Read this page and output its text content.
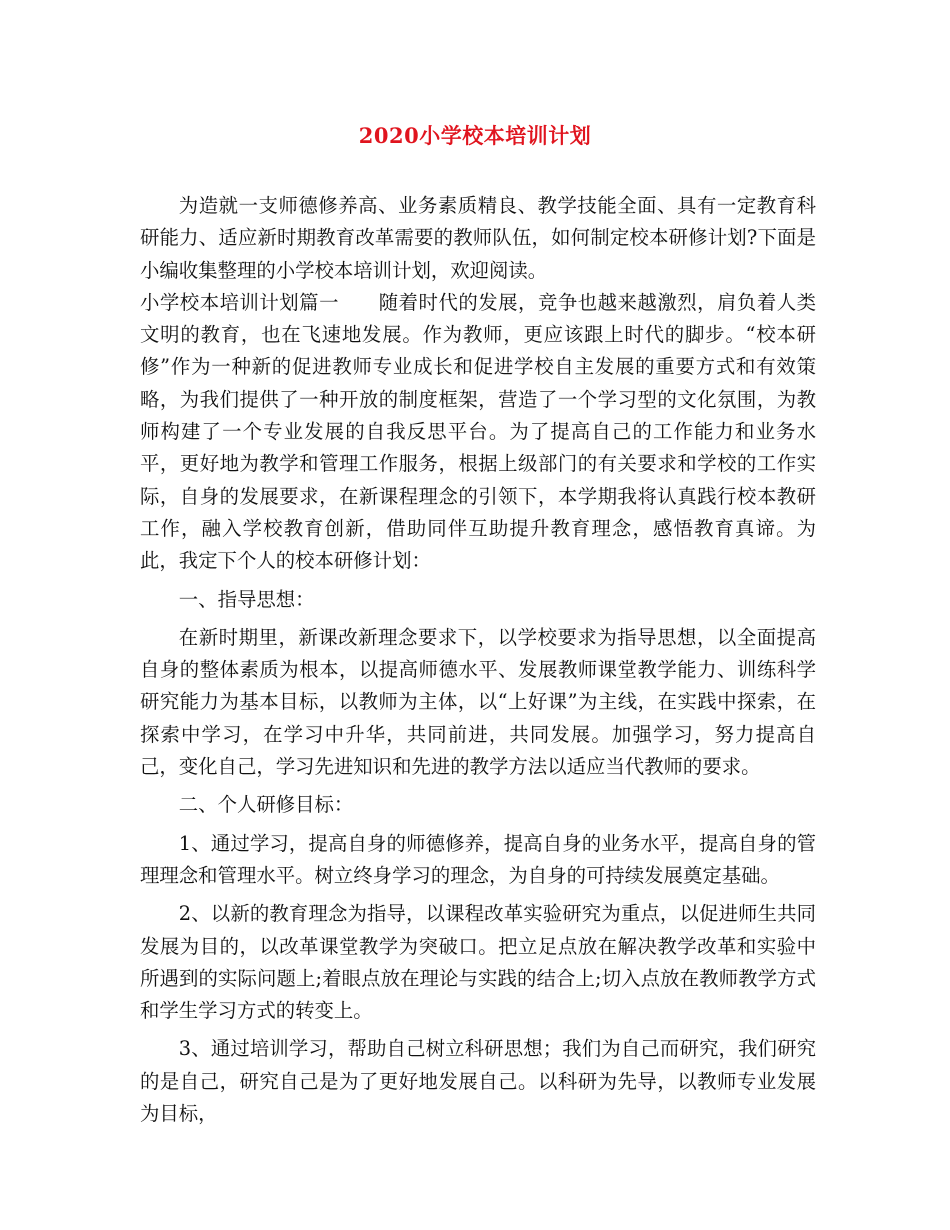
2020小学校本培训计划

为造就一支师德修养高、业务素质精良、教学技能全面、具有一定教育科研能力、适应新时期教育改革需要的教师队伍，如何制定校本研修计划?下面是小编收集整理的小学校本培训计划，欢迎阅读。

小学校本培训计划篇一　　随着时代的发展，竞争也越来越激烈，肩负着人类文明的教育，也在飞速地发展。作为教师，更应该跟上时代的脚步。“校本研修”作为一种新的促进教师专业成长和促进学校自主发展的重要方式和有效策略，为我们提供了一种开放的制度框架，营造了一个学习型的文化氛围，为教师构建了一个专业发展的自我反思平台。为了提高自己的工作能力和业务水平，更好地为教学和管理工作服务，根据上级部门的有关要求和学校的工作实际，自身的发展要求，在新课程理念的引领下，本学期我将认真践行校本教研工作，融入学校教育创新，借助同伴互助提升教育理念，感悟教育真谛。为此，我定下个人的校本研修计划：

一、指导思想：

在新时期里，新课改新理念要求下，以学校要求为指导思想，以全面提高自身的整体素质为根本，以提高师德水平、发展教师课堂教学能力、训练科学研究能力为基本目标，以教师为主体，以“上好课”为主线，在实践中探索，在探索中学习，在学习中升华，共同前进，共同发展。加强学习，努力提高自己，变化自己，学习先进知识和先进的教学方法以适应当代教师的要求。

二、个人研修目标：

1、通过学习，提高自身的师德修养，提高自身的业务水平，提高自身的管理理念和管理水平。树立终身学习的理念，为自身的可持续发展奠定基础。

2、以新的教育理念为指导，以课程改革实验研究为重点，以促进师生共同发展为目的，以改革课堂教学为突破口。把立足点放在解决教学改革和实验中所遇到的实际问题上;着眼点放在理论与实践的结合上;切入点放在教师教学方式和学生学习方式的转变上。

3、通过培训学习，帮助自己树立科研思想；我们为自己而研究，我们研究的是自己，研究自己是为了更好地发展自己。以科研为先导，以教师专业发展为目标，
